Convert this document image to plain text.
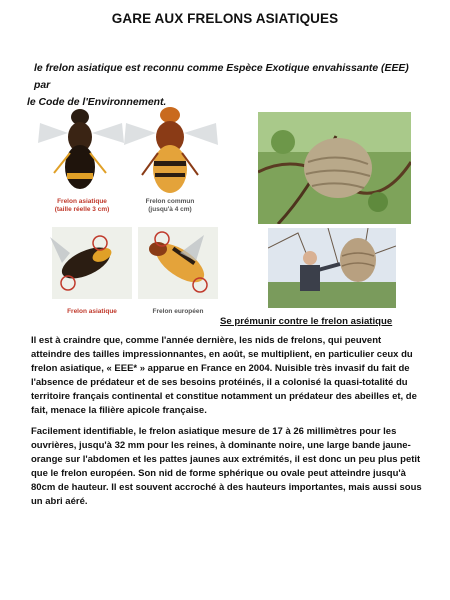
GARE AUX FRELONS ASIATIQUES
le frelon asiatique est reconnu comme Espèce Exotique envahissante (EEE) par
le Code de l'Environnement.
Frelon asiatique
(taille réelle 3 cm)
Frelon commun
(jusqu'à 4 cm)
Frelon asiatique	Frelon européen
Se prémunir contre le frelon asiatique
Il est à craindre que, comme l'année dernière, les nids de frelons, qui peuvent atteindre des tailles impressionnantes, en août, se multiplient, en particulier ceux du frelon asiatique, « EEE* » apparue en France en 2004. Nuisible très invasif du fait de l'absence de prédateur et de ses besoins protéinés, il a colonisé la quasi-totalité du territoire français continental et constitue notamment un prédateur des abeilles et, de fait, menace la filière apicole française.
Facilement identifiable, le frelon asiatique mesure de 17 à 26 millimètres pour les ouvrières, jusqu'à 32 mm pour les reines, à dominante noire, une large bande jaune-orange sur l'abdomen et les pattes jaunes aux extrémités, il est donc un peu plus petit que le frelon européen. Son nid de forme sphérique ou ovale peut atteindre jusqu'à 80cm de hauteur. Il est souvent accroché à des hauteurs importantes, mais aussi sous un abri aéré.
